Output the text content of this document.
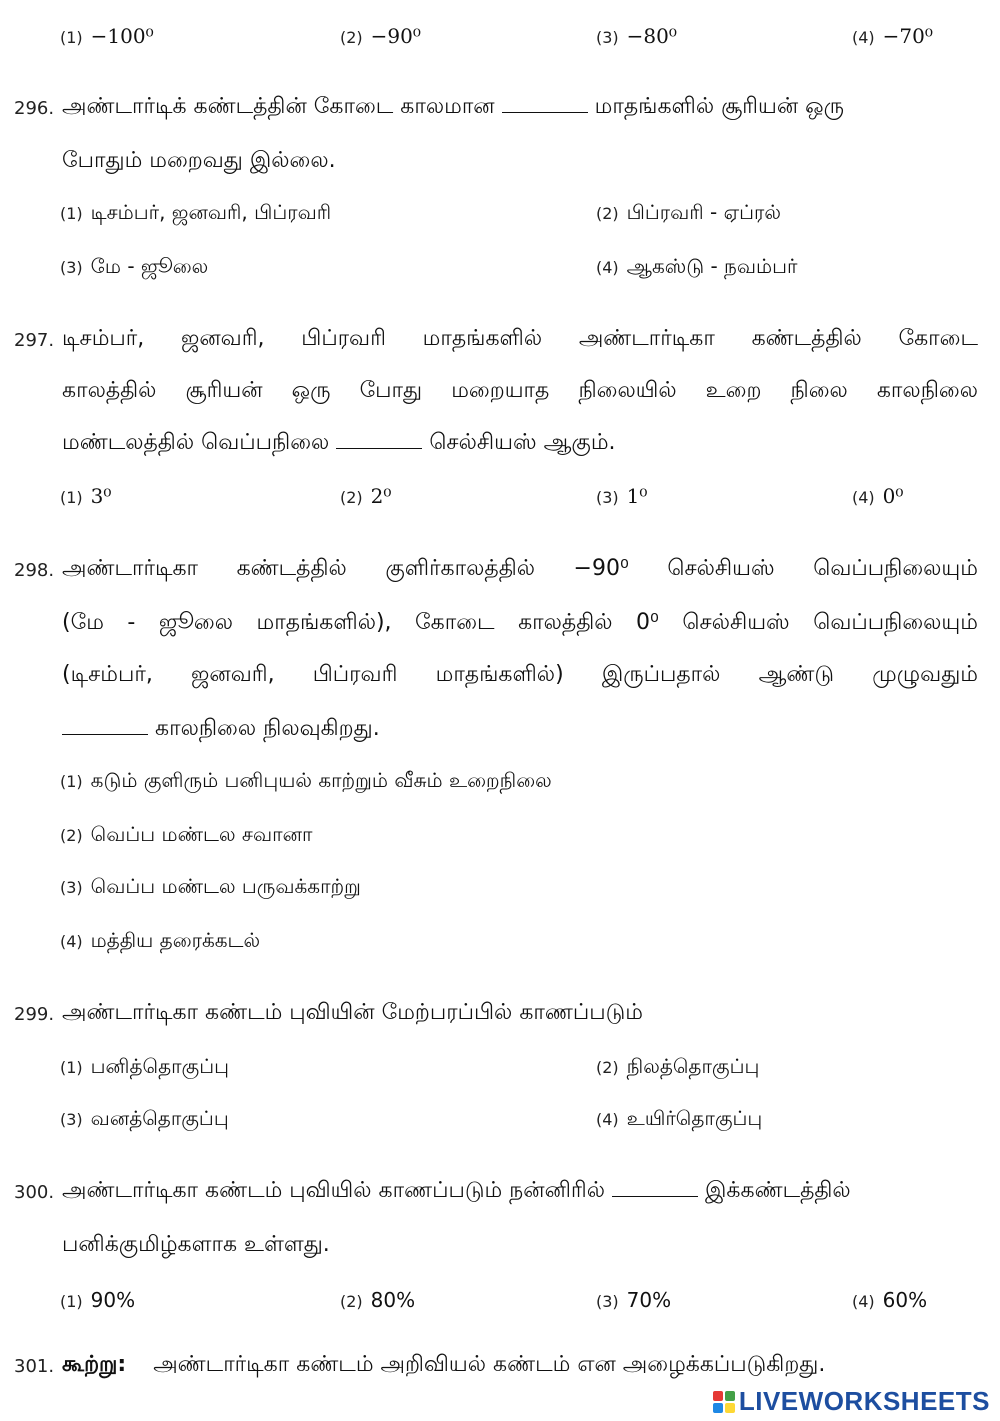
(1) −100⁰	(2) −90⁰	(3) −80⁰	(4) −70⁰
296. அண்டார்டிக் கண்டத்தின் கோடை காலமான	மாதங்களில் சூரியன் ஒரு
போதும் மறைவது இல்லை.
(1) டிசம்பர், ஜனவரி, பிப்ரவரி	(2) பிப்ரவரி - ஏப்ரல்
(3) மே - ஜூலை	(4) ஆகஸ்டு - நவம்பர்
297. டிசம்பர், ஜனவரி, பிப்ரவரி மாதங்களில் அண்டார்டிகா கண்டத்தில் கோடை
காலத்தில் சூரியன் ஒரு போது மறையாத நிலையில் உறை நிலை காலநிலை
மண்டலத்தில் வெப்பநிலை	செல்சியஸ் ஆகும்.
(1) 3⁰	(2) 2⁰	(3) 1⁰	(4) 0⁰
298. அண்டார்டிகா கண்டத்தில் குளிர்காலத்தில் −90⁰ செல்சியஸ் வெப்பநிலையும்
(மே - ஜூலை மாதங்களில்), கோடை காலத்தில் 0⁰ செல்சியஸ் வெப்பநிலையும்
(டிசம்பர், ஜனவரி, பிப்ரவரி மாதங்களில்) இருப்பதால் ஆண்டு முழுவதும்
காலநிலை நிலவுகிறது.
(1) கடும் குளிரும் பனிபுயல் காற்றும் வீசும் உறைநிலை
(2) வெப்ப மண்டல சவானா
(3) வெப்ப மண்டல பருவக்காற்று
(4) மத்திய தரைக்கடல்
299. அண்டார்டிகா கண்டம் புவியின் மேற்பரப்பில் காணப்படும்
(1) பனித்தொகுப்பு	(2) நிலத்தொகுப்பு
(3) வனத்தொகுப்பு	(4) உயிர்தொகுப்பு
300. அண்டார்டிகா கண்டம் புவியில் காணப்படும் நன்னிரில்	இக்கண்டத்தில்
பனிக்குமிழ்களாக உள்ளது.
(1) 90%	(2) 80%	(3) 70%	(4) 60%
301. கூற்று: அண்டார்டிகா கண்டம் அறிவியல் கண்டம் என அழைக்கப்படுகிறது.
LIVEWORKSHEETS
